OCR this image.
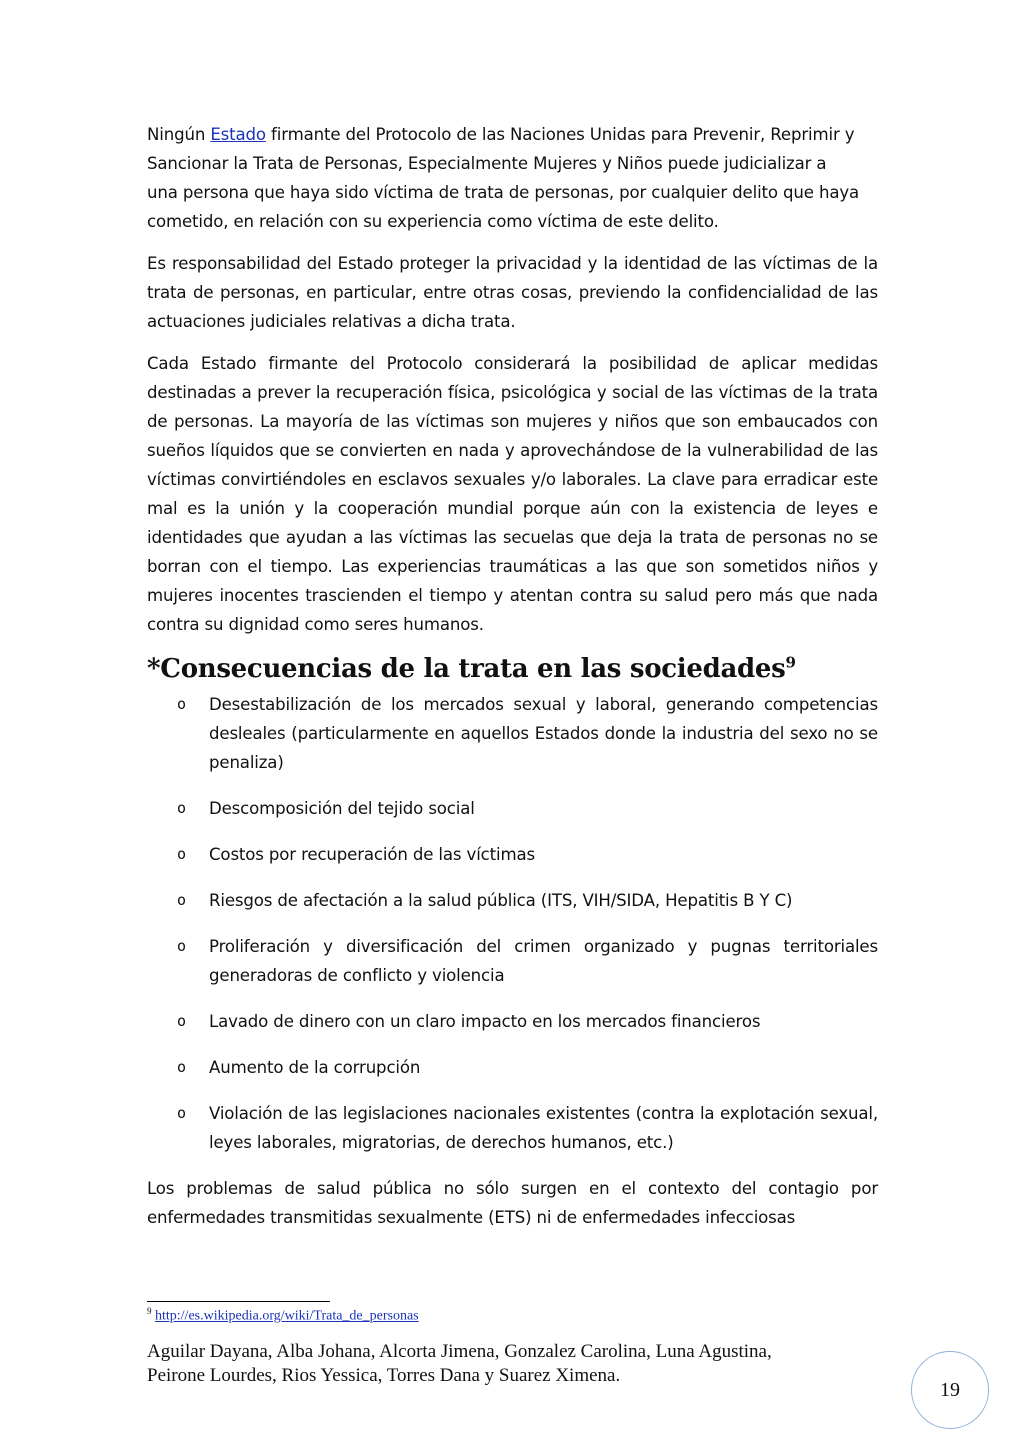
Ningún Estado firmante del Protocolo de las Naciones Unidas para Prevenir, Reprimir y
Sancionar la Trata de Personas, Especialmente Mujeres y Niños puede judicializar a
una persona que haya sido víctima de trata de personas, por cualquier delito que haya
cometido, en relación con su experiencia como víctima de este delito.

Es responsabilidad del Estado proteger la privacidad y la identidad de las víctimas de la trata de personas, en particular, entre otras cosas, previendo la confidencialidad de las actuaciones judiciales relativas a dicha trata.

Cada Estado firmante del Protocolo considerará la posibilidad de aplicar medidas destinadas a prever la recuperación física, psicológica y social de las víctimas de la trata de personas. La mayoría de las víctimas son mujeres y niños que son embaucados con sueños líquidos que se convierten en nada y aprovechándose de la vulnerabilidad de las víctimas convirtiéndoles en esclavos sexuales y/o laborales. La clave para erradicar este mal es la unión y la cooperación mundial porque aún con la existencia de leyes e identidades que ayudan a las víctimas las secuelas que deja la trata de personas no se borran con el tiempo. Las experiencias traumáticas a las que son sometidos niños y mujeres inocentes trascienden el tiempo y atentan contra su salud pero más que nada contra su dignidad como seres humanos.

*Consecuencias de la trata en las sociedades$^9$
o Desestabilización de los mercados sexual y laboral, generando competencias desleales (particularmente en aquellos Estados donde la industria del sexo no se penaliza)
o Descomposición del tejido social
o Costos por recuperación de las víctimas
o Riesgos de afectación a la salud pública (ITS, VIH/SIDA, Hepatitis B Y C)
o Proliferación y diversificación del crimen organizado y pugnas territoriales generadoras de conflicto y violencia
o Lavado de dinero con un claro impacto en los mercados financieros
o Aumento de la corrupción
o Violación de las legislaciones nacionales existentes (contra la explotación sexual, leyes laborales, migratorias, de derechos humanos, etc.)

Los problemas de salud pública no sólo surgen en el contexto del contagio por enfermedades transmitidas sexualmente (ETS) ni de enfermedades infecciosas

$^9$ http://es.wikipedia.org/wiki/Trata_de_personas
Aguilar Dayana, Alba Johana, Alcorta Jimena, Gonzalez Carolina, Luna Agustina,
Peirone Lourdes, Rios Yessica, Torres Dana y Suarez Ximena.
19
